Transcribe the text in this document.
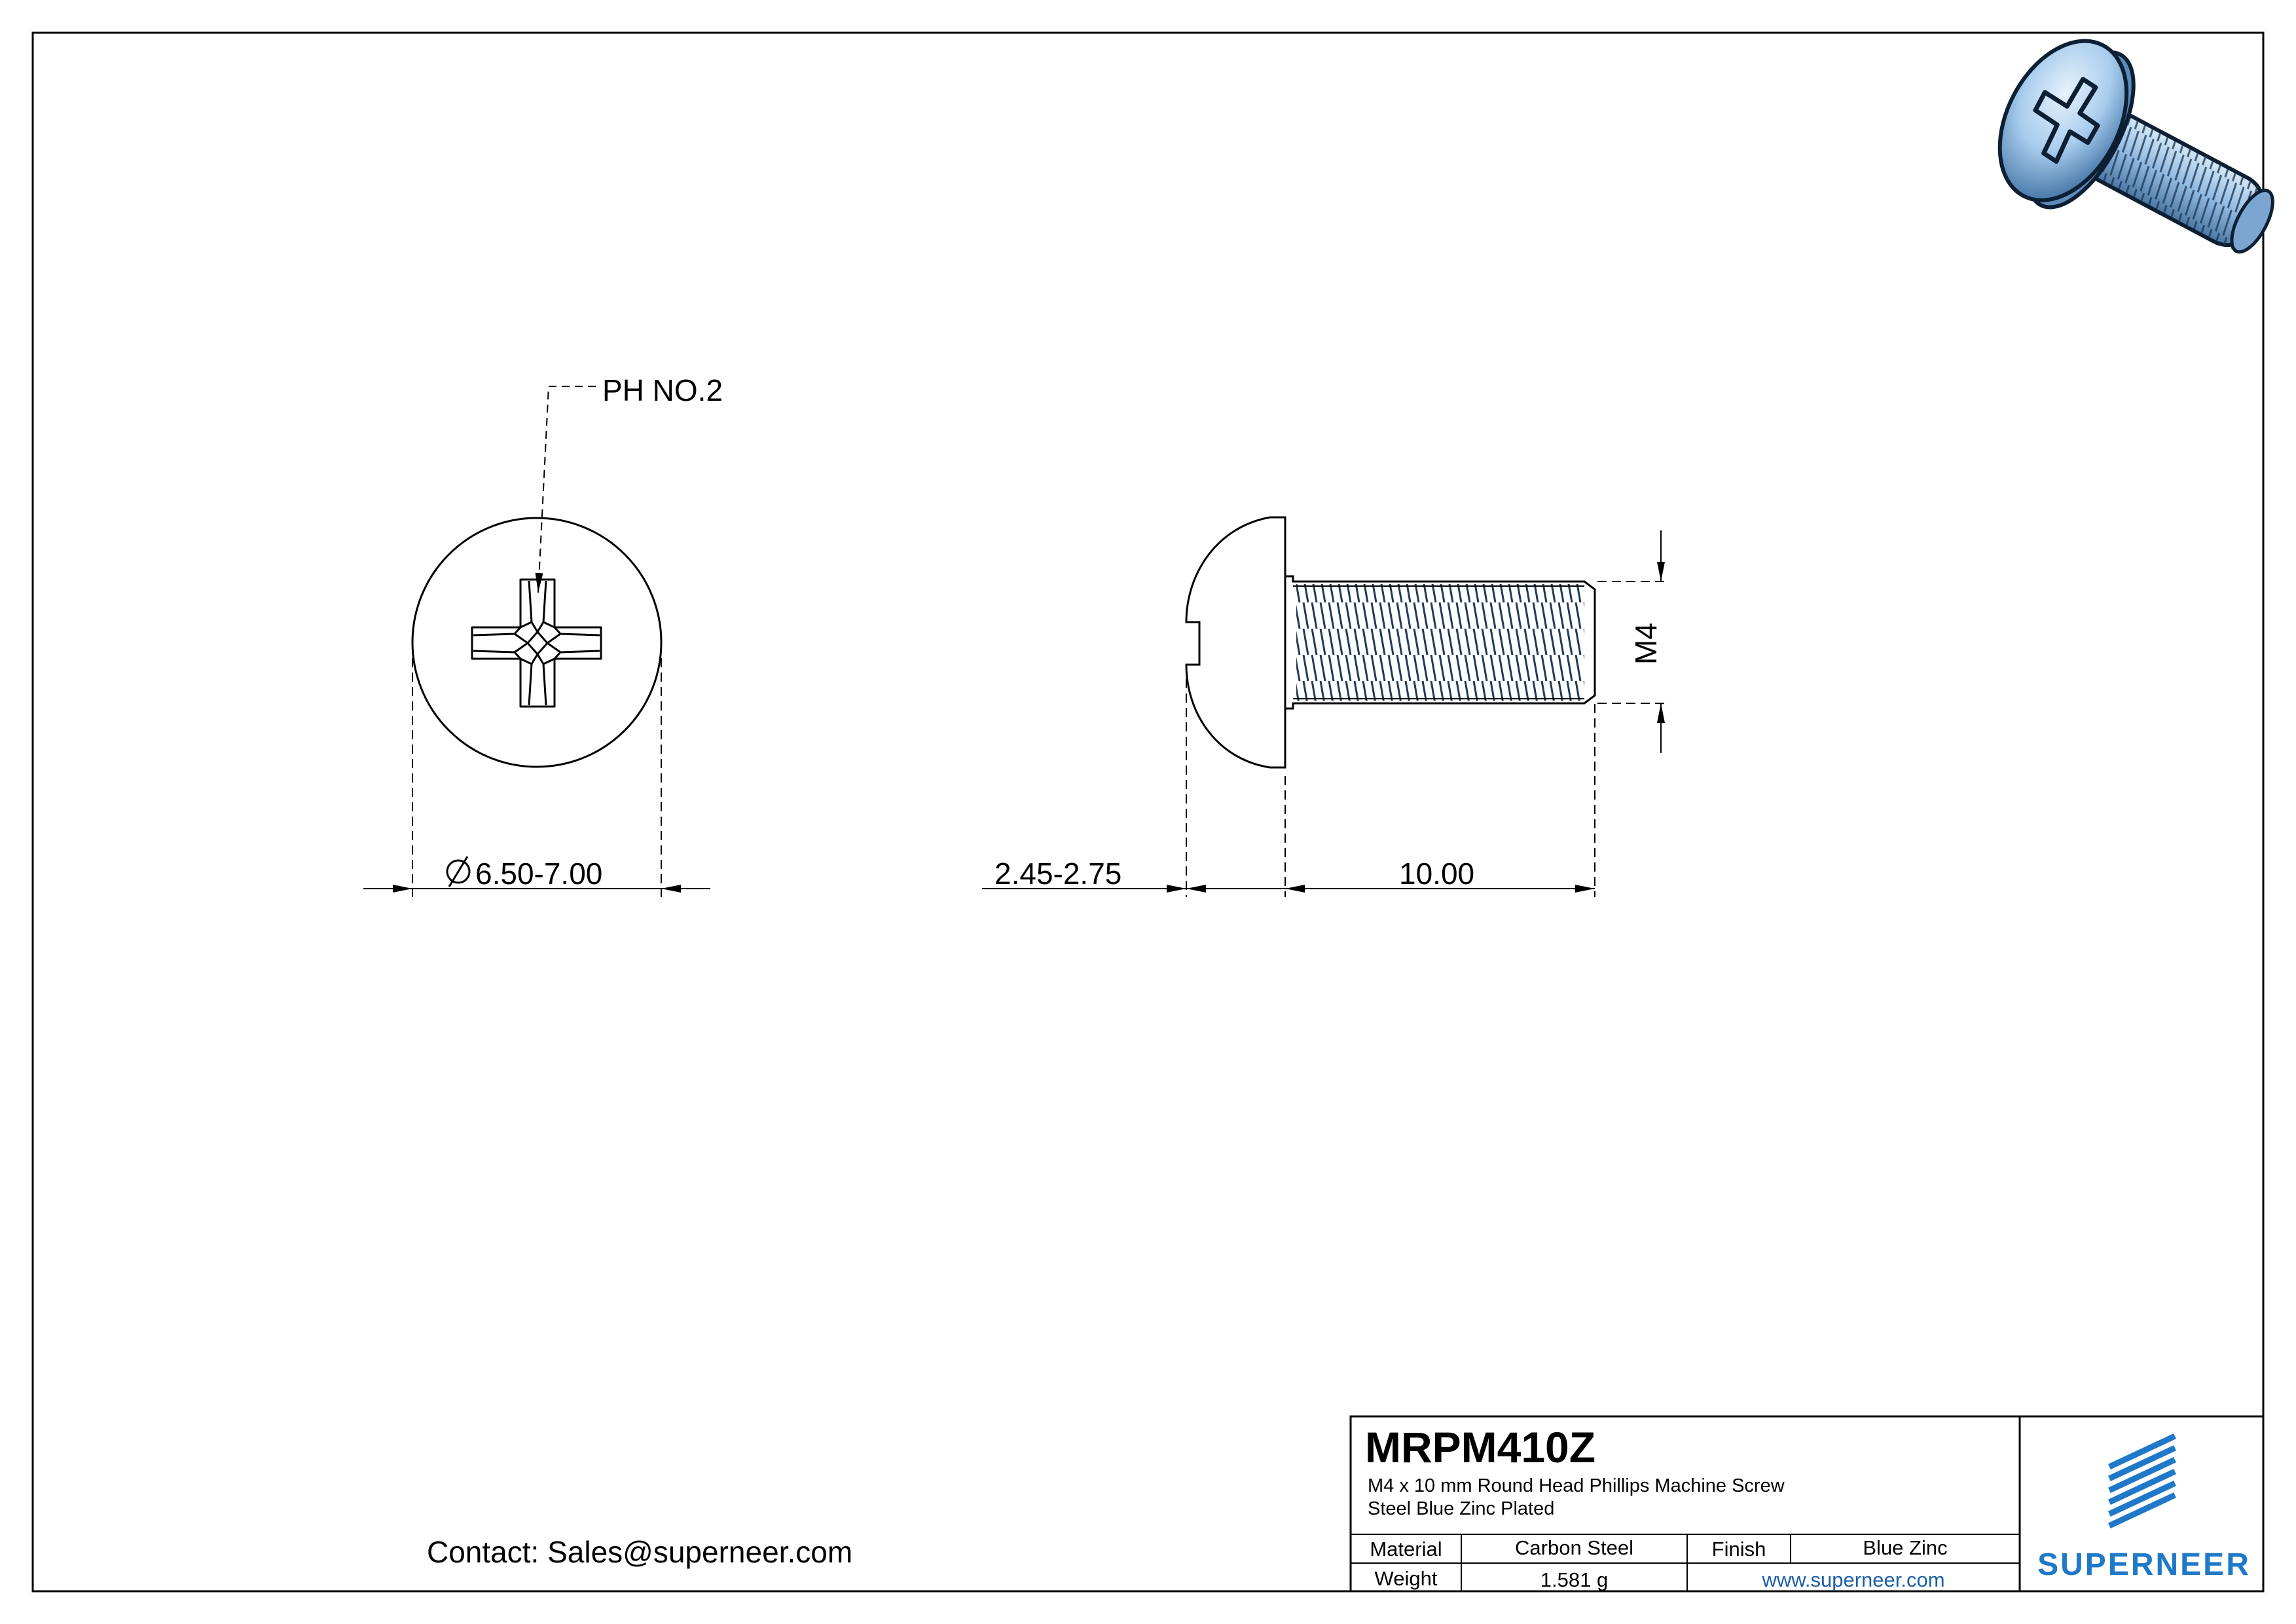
PH NO.2
6.50-7.00	2.45-2.75	10.00
M4
Contact: Sales@superneer.com
MRPM410Z
M4 x 10 mm Round Head Phillips Machine Screw
Steel Blue Zinc Plated
Material	Carbon Steel	Finish	Blue Zinc
Weight	1.581 g	www.superneer.com	SUPERNEER
